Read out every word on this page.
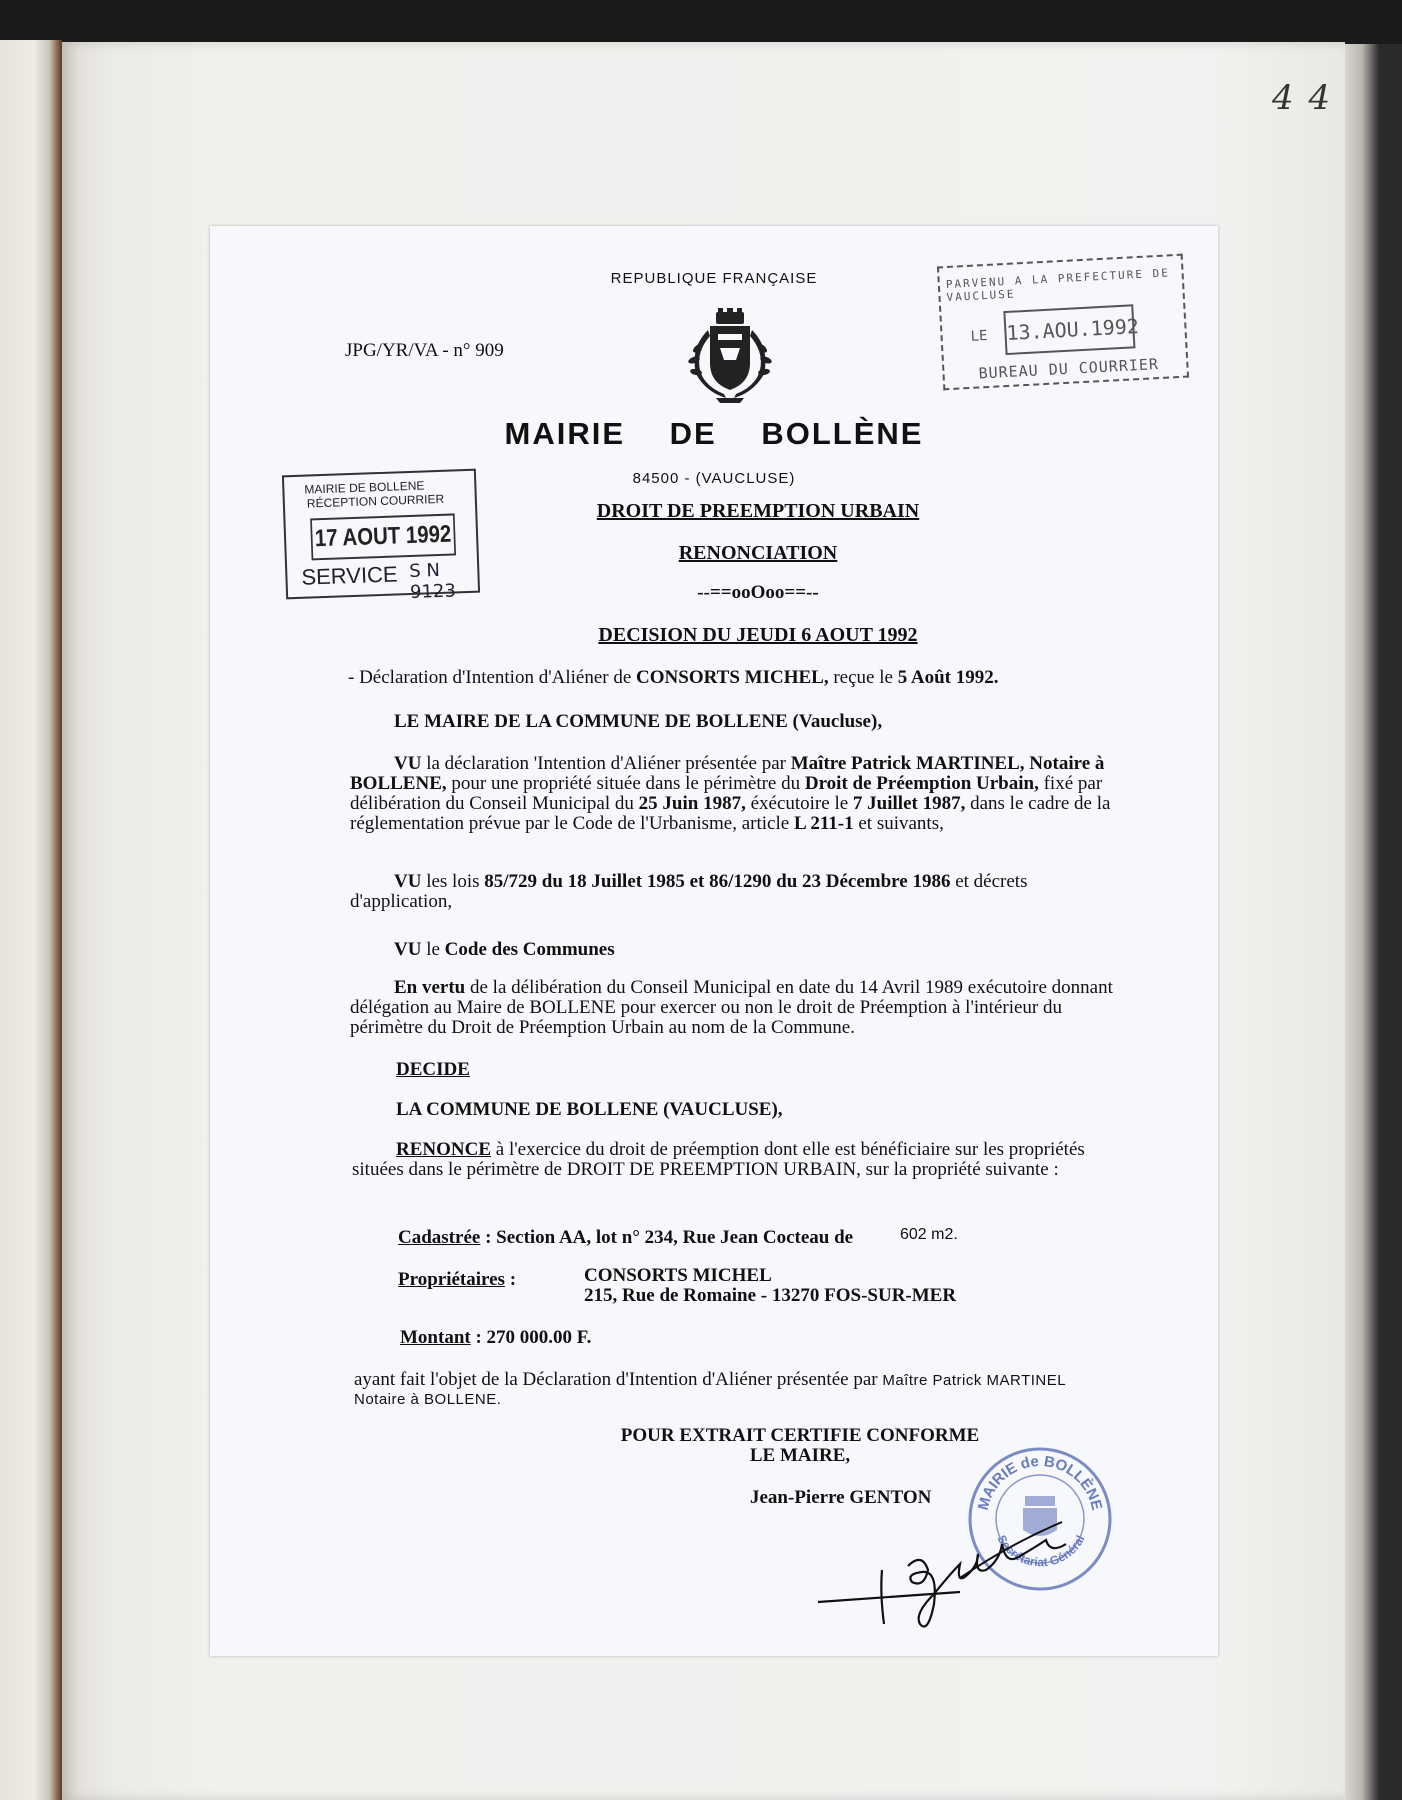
4 4
REPUBLIQUE FRANÇAISE
JPG/YR/VA - n° 909
MAIRIE DE BOLLÈNE
84500 - (VAUCLUSE)
DROIT DE PREEMPTION URBAIN
RENONCIATION
--==ooOoo==--
DECISION DU JEUDI 6 AOUT 1992
MAIRIE DE BOLLENE
RÉCEPTION COURRIER
17 AOUT 1992
SERVICE S N 9123
PARVENU A LA PREFECTURE DE VAUCLUSE
LE 13.AOU.1992
BUREAU DU COURRIER
- Déclaration d'Intention d'Aliéner de CONSORTS MICHEL, reçue le 5 Août 1992.
LE MAIRE DE LA COMMUNE DE BOLLENE (Vaucluse),
VU la déclaration 'Intention d'Aliéner présentée par Maître Patrick MARTINEL, Notaire à BOLLENE, pour une propriété située dans le périmètre du Droit de Préemption Urbain, fixé par délibération du Conseil Municipal du 25 Juin 1987, éxécutoire le 7 Juillet 1987, dans le cadre de la réglementation prévue par le Code de l'Urbanisme, article L 211-1 et suivants,
VU les lois 85/729 du 18 Juillet 1985 et 86/1290 du 23 Décembre 1986 et décrets d'application,
VU le Code des Communes
En vertu de la délibération du Conseil Municipal en date du 14 Avril 1989 exécutoire donnant délégation au Maire de BOLLENE pour exercer ou non le droit de Préemption à l'intérieur du périmètre du Droit de Préemption Urbain au nom de la Commune.
DECIDE
LA COMMUNE DE BOLLENE (VAUCLUSE),
RENONCE à l'exercice du droit de préemption dont elle est bénéficiaire sur les propriétés situées dans le périmètre de DROIT DE PREEMPTION URBAIN, sur la propriété suivante :
Cadastrée : Section AA, lot n° 234, Rue Jean Cocteau de	602 m2.
Propriétaires :	CONSORTS MICHEL
215, Rue de Romaine - 13270 FOS-SUR-MER
Montant : 270 000.00 F.
ayant fait l'objet de la Déclaration d'Intention d'Aliéner présentée par Maître Patrick MARTINEL
Notaire à BOLLENE.
POUR EXTRAIT CERTIFIE CONFORME
LE MAIRE,
Jean-Pierre GENTON	MAIRIE de BOLLÈNE
Secrétariat Général
